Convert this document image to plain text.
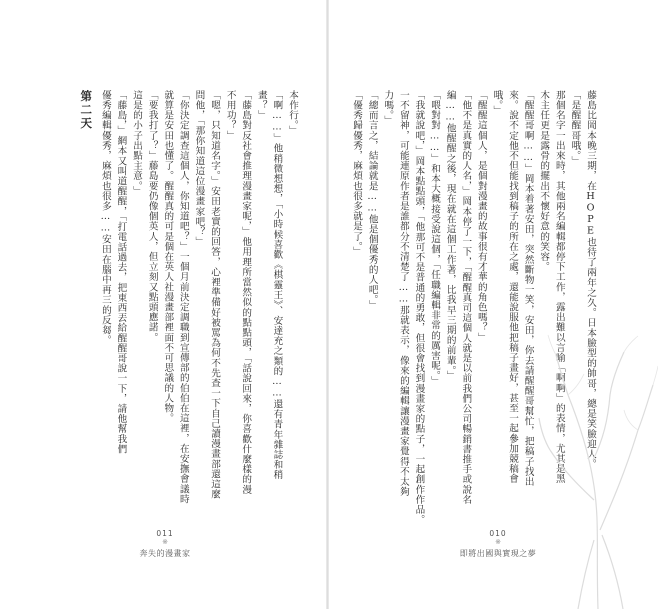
本作行。」

「啊……」他稍微想想，「小時候喜歡《棋靈王》、安達充之類的……還有青年雜誌和稍

畫？」

「藤島對反社會推理漫畫家呢，」他用理所當然似的點點頭，「話說回來，你喜歡什麼樣的漫

不用功？」

「嗯，只知道名字。」安田老實的回答，心裡準備好被罵為何不先查一下自己讀漫畫部還這麼

問他，「那你知道這位漫畫家吧？」

「你決定調查這個人，你知道吧？」一個月前決定調職到宣傳部的伯伯在這裡，在安撫會議時

就算是安田也懂了。醒醒真的可是個在英人社漫畫部裡面不可思議的人物。

「要我打了？」藤島要仍像個英人，但立刻又點頭應諾。

這是的小子出點主意。」

「藤島，」網本又叫道醒醒，「打電話過去，把東西丟給醒醒哥說一下，請他幫我們

優秀編輯優秀，麻煩也很多……安田在腦中再三的反芻。

第二天

011
※
奔失的漫畫家

藤島比岡本晚三期，在HOPE也待了兩年之久。日本臉型的帥哥，總是笑臉迎人。

「是醒醒哥哦。」

那個名字一出來時，其他兩名編輯都停下工作，露出難以言喻「啊啊」的表情，尤其是黑

木主任更是露骨的擺出不懷好意的笑容。

「醒醒哥啊……」岡本着著安田，突然斷物一笑，安田，你去請醒醒哥幫忙，把稿子找出

來。說不定他不但能找到稿子的所在之處，還能說服他把稿子畫好，甚至一起參加競稿會

哦。」

「醒醒這個人，是個對漫畫的故事很有才華的角色嗎？」

「他不是真實的人名，」岡本停了一下，「醒醒真司這個人就是以前我們公司暢銷書推手或說名

編……他醒醒之後，現在就在這個工作著，比我早三期的前輩。」

「喂對對……」和本大概接受說這個，「任職編輯非常的厲害呢。」

「我就說吧，」岡本點點頭，「他那可不是普通的勇敢，但很會找到漫畫家的點子，一起創作作品。

一不留神，可能連原作者是誰都分不清楚了……那就表示，像來的編輯讓漫畫家覺得不太夠

力嗎。」

「總而言之，結論就是……他是個優秀的人吧。」

「優秀歸優秀，麻煩也很多就是了。」

010
※
即將出國與實現之夢
